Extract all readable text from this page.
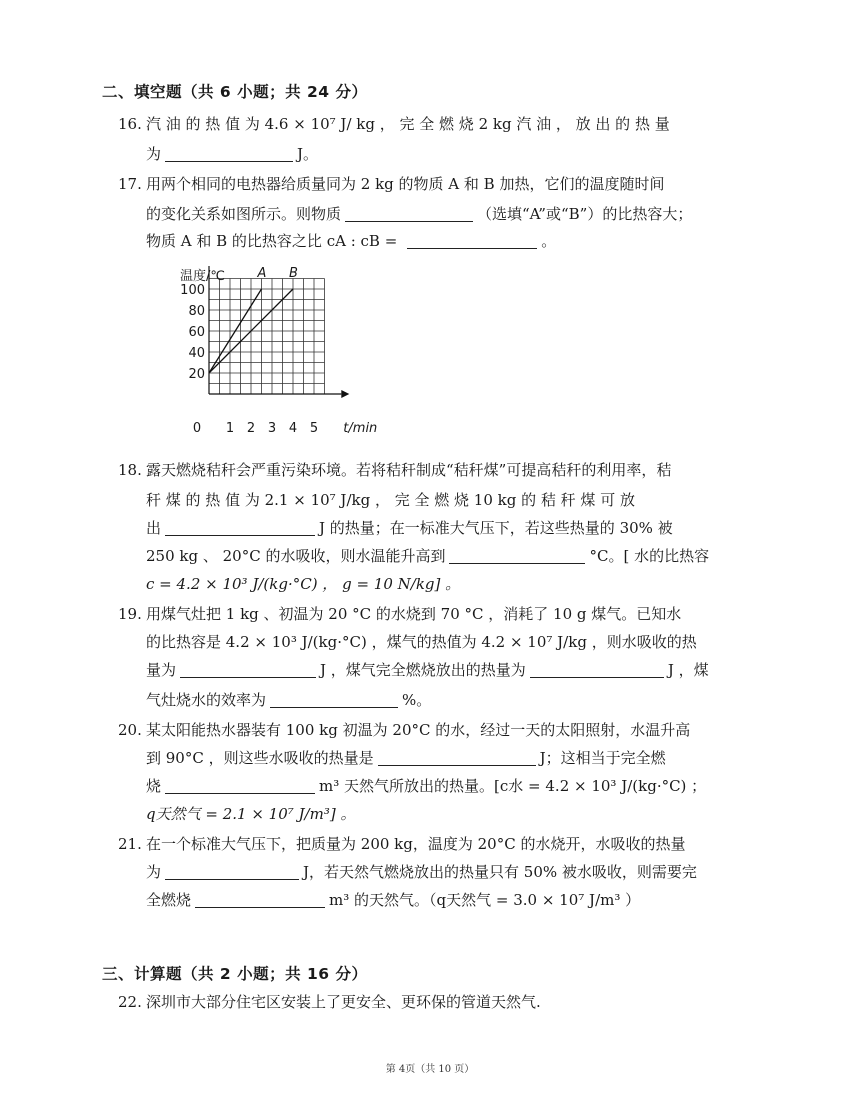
二、填空题（共 6 小题；共 24 分）
16. 汽 油 的 热 值 为 4.6 × 10⁷ J/ kg ， 完 全 燃 烧 2 kg 汽 油 ， 放 出 的 热 量
为	J。
17. 用两个相同的电热器给质量同为 2 kg 的物质 A 和 B 加热，它们的温度随时间
的变化关系如图所示。则物质	（选填“A”或“B”）的比热容大；
物质 A 和 B 的比热容之比 cA : cB =	。
A B
20
40
60
80
100
0 1 2 3 4 5
温度/℃
t/min
18. 露天燃烧秸秆会严重污染环境。若将秸秆制成“秸秆煤”可提高秸秆的利用率，秸
秆 煤 的 热 值 为 2.1 × 10⁷ J/kg ， 完 全 燃 烧 10 kg 的 秸 秆 煤 可 放
出	J 的热量；在一标准大气压下，若这些热量的 30% 被
250 kg 、 20°C 的水吸收，则水温能升高到	°C。[ 水的比热容
c = 4.2 × 10³ J/(kg·°C) ， g = 10 N/kg] 。
19. 用煤气灶把 1 kg 、初温为 20 °C 的水烧到 70 °C ，消耗了 10 g 煤气。已知水
的比热容是 4.2 × 10³ J/(kg·°C) ，煤气的热值为 4.2 × 10⁷ J/kg ，则水吸收的热
量为	J ，煤气完全燃烧放出的热量为	J ，煤
气灶烧水的效率为	%。
20. 某太阳能热水器装有 100 kg 初温为 20°C 的水，经过一天的太阳照射，水温升高
到 90°C ，则这些水吸收的热量是	J；这相当于完全燃
烧	m³ 天然气所放出的热量。[c水 = 4.2 × 10³ J/(kg·°C) ；
q天然气 = 2.1 × 10⁷ J/m³] 。
21. 在一个标准大气压下，把质量为 200 kg，温度为 20°C 的水烧开，水吸收的热量
为	J，若天然气燃烧放出的热量只有 50% 被水吸收，则需要完
全燃烧	m³ 的天然气。（q天然气 = 3.0 × 10⁷ J/m³ ）
三、计算题（共 2 小题；共 16 分）
22. 深圳市大部分住宅区安装上了更安全、更环保的管道天然气.
第 4页（共 10 页）
